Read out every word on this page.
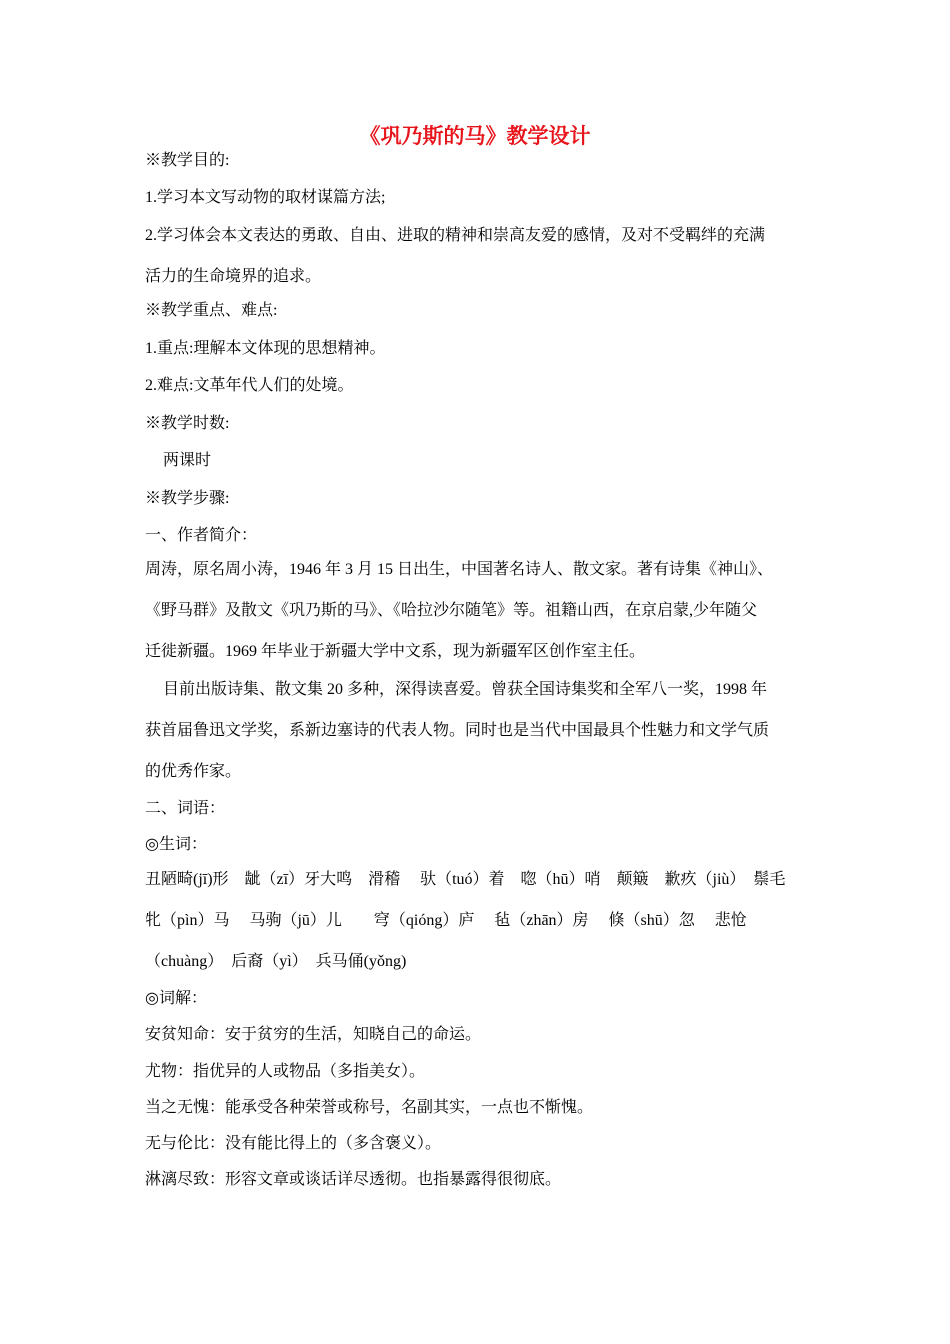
《巩乃斯的马》教学设计
※教学目的:
1.学习本文写动物的取材谋篇方法;
2.学习体会本文表达的勇敢、自由、进取的精神和崇高友爱的感情，及对不受羁绊的充满
活力的生命境界的追求。
※教学重点、难点:
1.重点:理解本文体现的思想精神。
2.难点:文革年代人们的处境。
※教学时数:
两课时
※教学步骤:
一、作者简介：
周涛，原名周小涛，1946 年 3 月 15 日出生，中国著名诗人、散文家。著有诗集《神山》、
《野马群》及散文《巩乃斯的马》、《哈拉沙尔随笔》等。祖籍山西，在京启蒙,少年随父
迁徙新疆。1969 年毕业于新疆大学中文系，现为新疆军区创作室主任。
目前出版诗集、散文集 20 多种，深得读喜爱。曾获全国诗集奖和全军八一奖，1998 年
获首届鲁迅文学奖，系新边塞诗的代表人物。同时也是当代中国最具个性魅力和文学气质
的优秀作家。
二、词语：
◎生词：
丑陋畸(jī)形　龇（zī）牙大鸣　滑稽　 驮（tuó）着　唿（hū）哨　颠簸　歉疚（jiù）　鬃毛
牝（pìn）马　 马驹（jū）儿　　穹（qióng）庐　 毡（zhān）房　 倏（shū）忽　 悲怆
（chuàng）　后裔（yì）　兵马俑(yǒng)
◎词解：
安贫知命：安于贫穷的生活，知晓自己的命运。
尤物：指优异的人或物品（多指美女）。
当之无愧：能承受各种荣誉或称号，名副其实，一点也不惭愧。
无与伦比：没有能比得上的（多含褒义）。
淋漓尽致：形容文章或谈话详尽透彻。也指暴露得很彻底。
